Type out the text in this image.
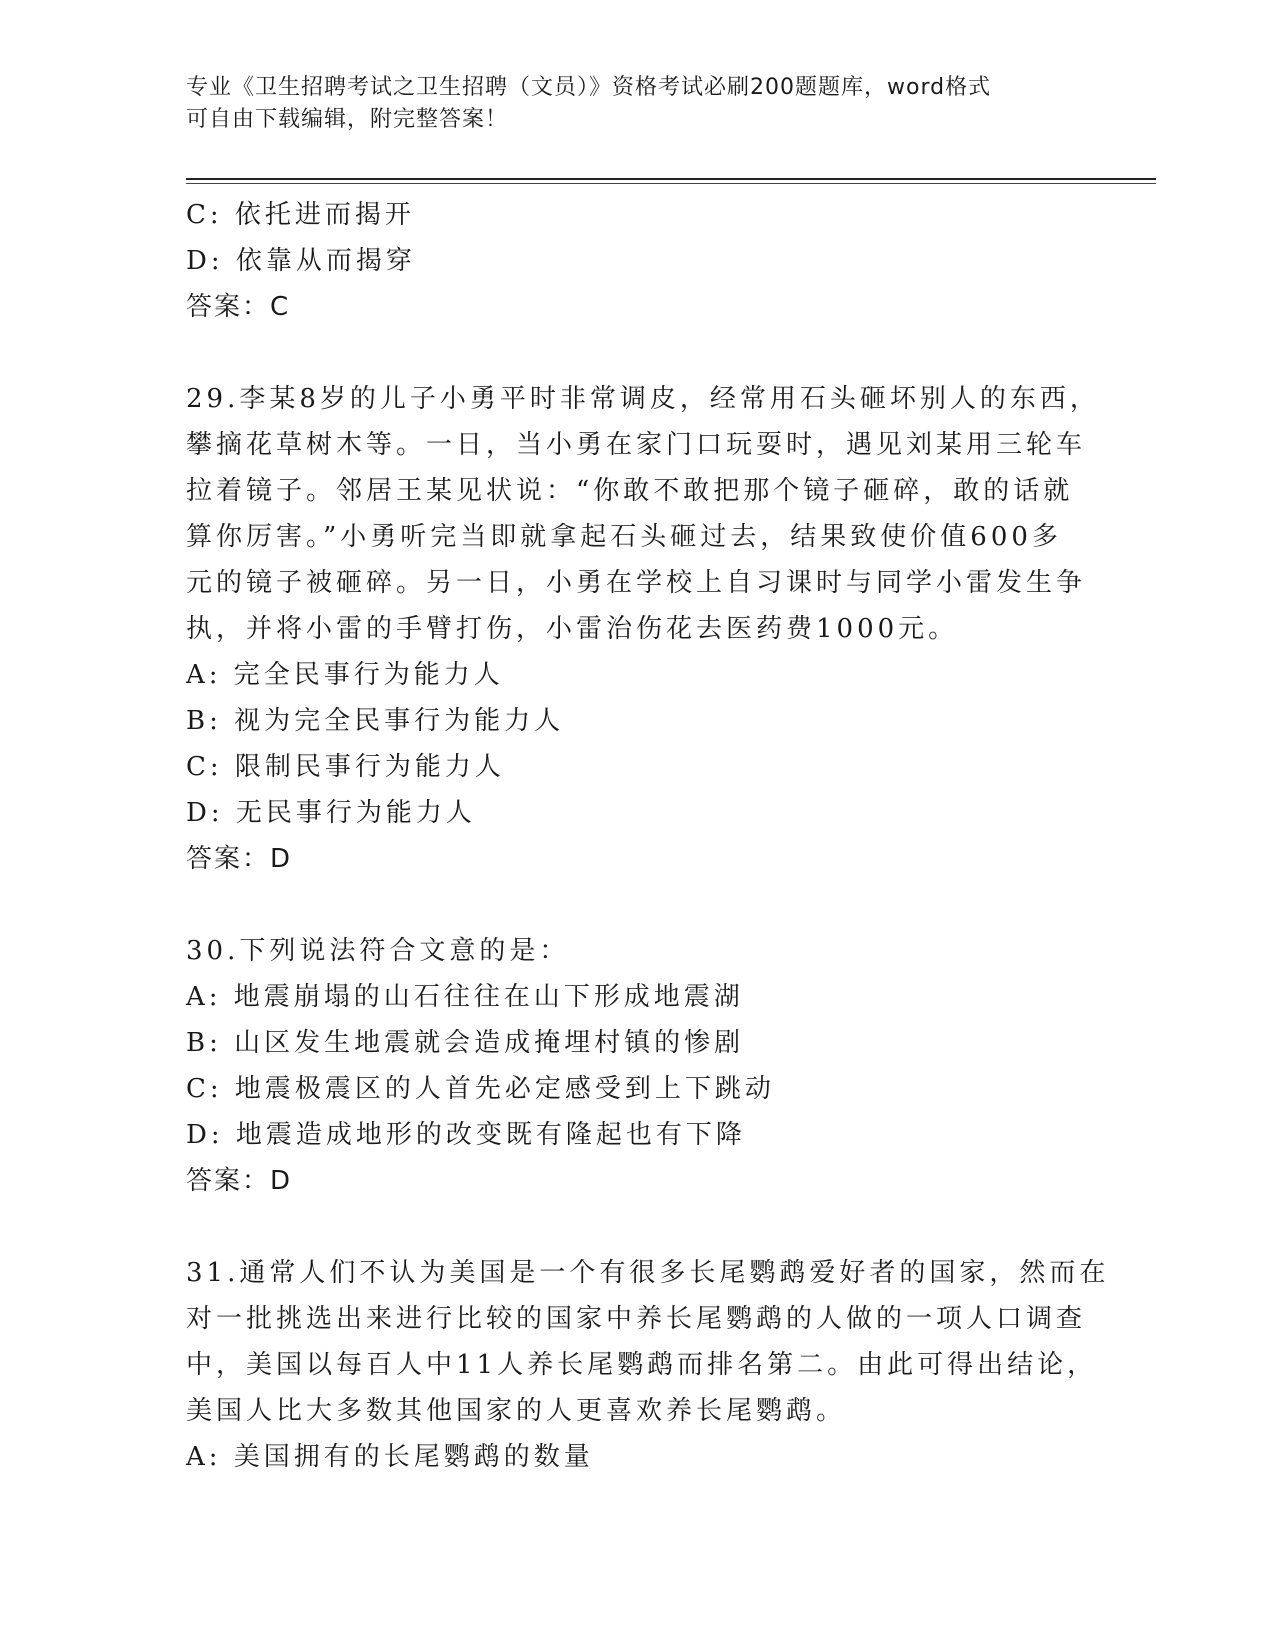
专业《卫生招聘考试之卫生招聘（文员）》资格考试必刷200题题库，word格式
可自由下载编辑，附完整答案！
C: 依托进而揭开
D: 依靠从而揭穿
答案：C
29.李某8岁的儿子小勇平时非常调皮，经常用石头砸坏别人的东西，
攀摘花草树木等。一日，当小勇在家门口玩耍时，遇见刘某用三轮车
拉着镜子。邻居王某见状说：“你敢不敢把那个镜子砸碎，敢的话就
算你厉害。”小勇听完当即就拿起石头砸过去，结果致使价值600多
元的镜子被砸碎。另一日，小勇在学校上自习课时与同学小雷发生争
执，并将小雷的手臂打伤，小雷治伤花去医药费1000元。
A: 完全民事行为能力人
B: 视为完全民事行为能力人
C: 限制民事行为能力人
D: 无民事行为能力人
答案：D
30.下列说法符合文意的是：
A: 地震崩塌的山石往往在山下形成地震湖
B: 山区发生地震就会造成掩埋村镇的惨剧
C: 地震极震区的人首先必定感受到上下跳动
D: 地震造成地形的改变既有隆起也有下降
答案：D
31.通常人们不认为美国是一个有很多长尾鹦鹉爱好者的国家，然而在
对一批挑选出来进行比较的国家中养长尾鹦鹉的人做的一项人口调查
中，美国以每百人中11人养长尾鹦鹉而排名第二。由此可得出结论，
美国人比大多数其他国家的人更喜欢养长尾鹦鹉。
A: 美国拥有的长尾鹦鹉的数量
